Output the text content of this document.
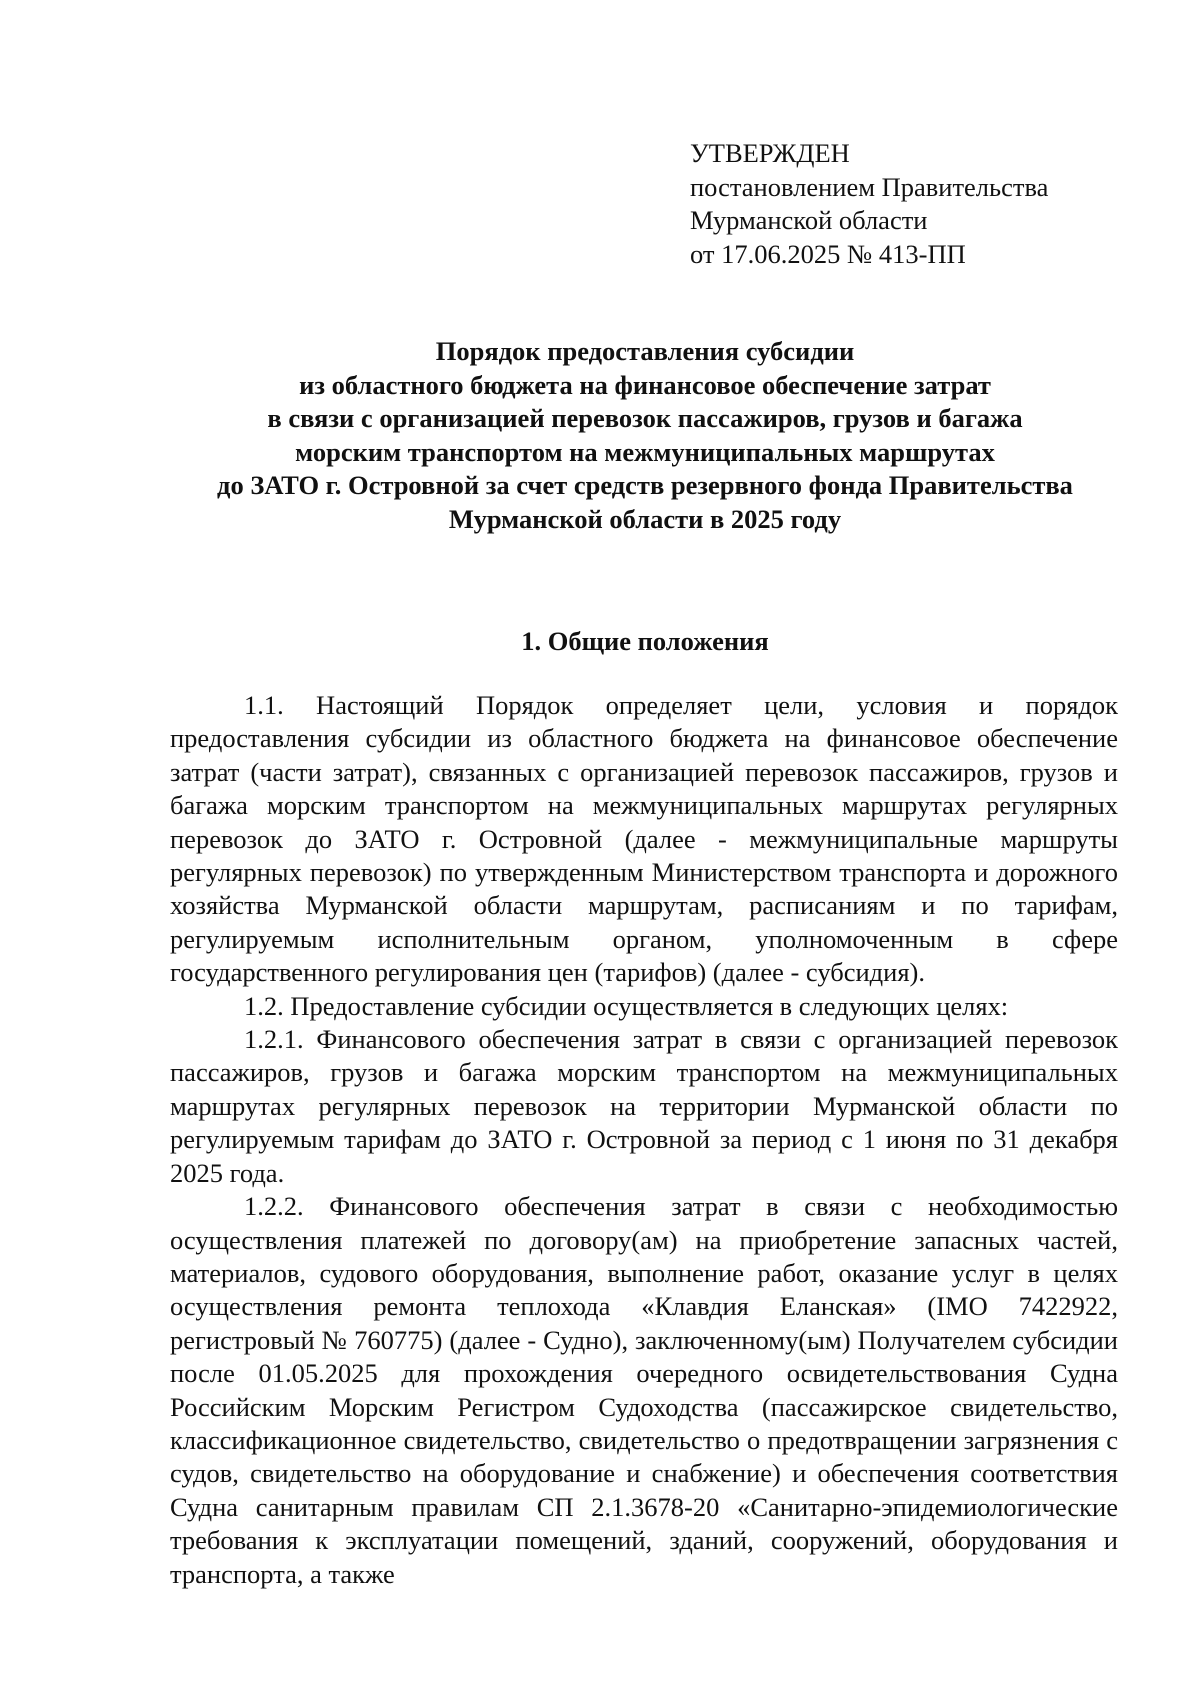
УТВЕРЖДЕН
постановлением Правительства
Мурманской области
от 17.06.2025 № 413-ПП
Порядок предоставления субсидии
из областного бюджета на финансовое обеспечение затрат
в связи с организацией перевозок пассажиров, грузов и багажа
морским транспортом на межмуниципальных маршрутах
до ЗАТО г. Островной за счет средств резервного фонда Правительства
Мурманской области в 2025 году
1. Общие положения

1.1. Настоящий Порядок определяет цели, условия и порядок предоставления субсидии из областного бюджета на финансовое обеспечение затрат (части затрат), связанных с организацией перевозок пассажиров, грузов и багажа морским транспортом на межмуниципальных маршрутах регулярных перевозок до ЗАТО г. Островной (далее - межмуниципальные маршруты регулярных перевозок) по утвержденным Министерством транспорта и дорожного хозяйства Мурманской области маршрутам, расписаниям и по тарифам, регулируемым исполнительным органом, уполномоченным в сфере государственного регулирования цен (тарифов) (далее - субсидия).

1.2. Предоставление субсидии осуществляется в следующих целях:

1.2.1. Финансового обеспечения затрат в связи с организацией перевозок пассажиров, грузов и багажа морским транспортом на межмуниципальных маршрутах регулярных перевозок на территории Мурманской области по регулируемым тарифам до ЗАТО г. Островной за период с 1 июня по 31 декабря 2025 года.

1.2.2. Финансового обеспечения затрат в связи с необходимостью осуществления платежей по договору(ам) на приобретение запасных частей, материалов, судового оборудования, выполнение работ, оказание услуг в целях осуществления ремонта теплохода «Клавдия Еланская» (IMO 7422922, регистровый № 760775) (далее - Судно), заключенному(ым) Получателем субсидии после 01.05.2025 для прохождения очередного освидетельствования Судна Российским Морским Регистром Судоходства (пассажирское свидетельство, классификационное свидетельство, свидетельство о предотвращении загрязнения с судов, свидетельство на оборудование и снабжение) и обеспечения соответствия Судна санитарным правилам СП 2.1.3678-20 «Санитарно-эпидемиологические требования к эксплуатации помещений, зданий, сооружений, оборудования и транспорта, а также
